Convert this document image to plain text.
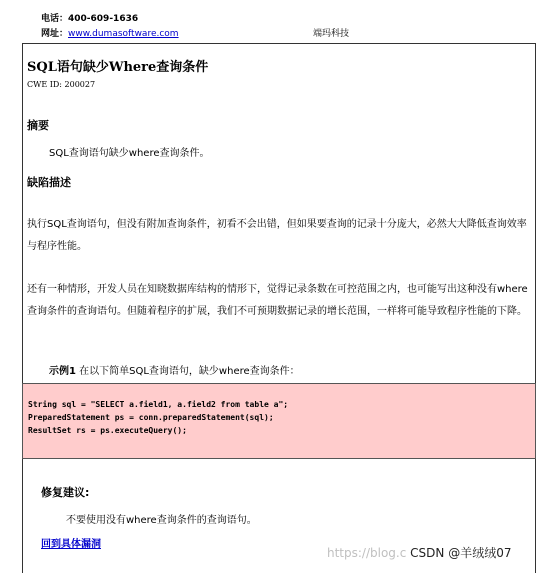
电话：400-609-1636
网址：www.dumasoftware.com	端玛科技
SQL语句缺少Where查询条件
CWE ID: 200027
摘要
SQL查询语句缺少where查询条件。
缺陷描述
执行SQL查询语句，但没有附加查询条件，初看不会出错，但如果要查询的记录十分庞大，必然大大降低查询效率与程序性能。
还有一种情形，开发人员在知晓数据库结构的情形下，觉得记录条数在可控范围之内，也可能写出这种没有where查询条件的查询语句。但随着程序的扩展，我们不可预期数据记录的增长范围，一样将可能导致程序性能的下降。
示例1 在以下简单SQL查询语句，缺少where查询条件：
String sql = "SELECT a.field1, a.field2 from table a";
PreparedStatement ps = conn.preparedStatement(sql);
ResultSet rs = ps.executeQuery();
修复建议:
不要使用没有where查询条件的查询语句。
回到具体漏洞
https://blog.c CSDN @羊绒绒07
